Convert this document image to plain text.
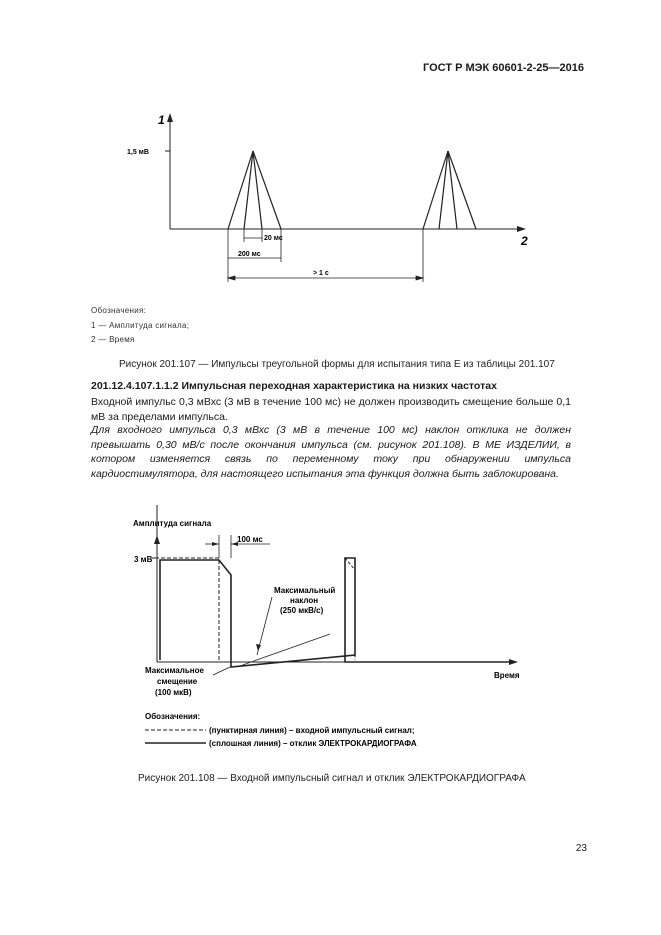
ГОСТ Р МЭК 60601-2-25—2016
1
2
1,5 мВ
20 мс
200 мс
> 1 с
Обозначения:
1 — Амплитуда сигнала;
2 — Время
Рисунок 201.107 — Импульсы треугольной формы для испытания типа E из таблицы 201.107
201.12.4.107.1.1.2 Импульсная переходная характеристика на низких частотах
Входной импульс 0,3 мВхс (3 мВ в течение 100 мс) не должен производить смещение больше 0,1 мВ за пределами импульса.
Для входного импульса 0,3 мВхс (3 мВ в течение 100 мс) наклон отклика не должен превышать 0,30 мВ/с после окончания импульса (см. рисунок 201.108). В МЕ ИЗДЕЛИИ, в котором изменяется связь по переменному току при обнаружении импульса кардиостимулятора, для настоящего испытания эта функция должна быть заблокирована.
Амплитуда сигнала
Время
3 мВ
100 мс
Максимальный
наклон
(250 мкВ/с)
Максимальное
смещение
(100 мкВ)
Обозначения:
(пунктирная линия) – входной импульсный сигнал;
(сплошная линия) – отклик ЭЛЕКТРОКАРДИОГРАФА
Рисунок 201.108 — Входной импульсный сигнал и отклик ЭЛЕКТРОКАРДИОГРАФА
23
